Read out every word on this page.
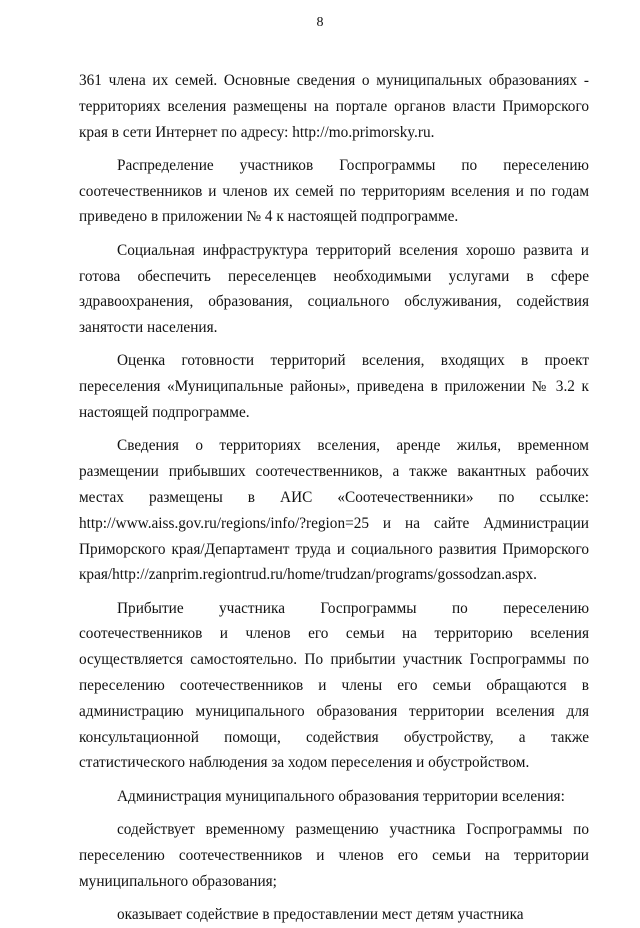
8

361 члена их семей. Основные сведения о муниципальных образованиях - территориях вселения размещены на портале органов власти Приморского края в сети Интернет по адресу: http://mo.primorsky.ru.

Распределение участников Госпрограммы по переселению соотечественников и членов их семей по территориям вселения и по годам приведено в приложении № 4 к настоящей подпрограмме.

Социальная инфраструктура территорий вселения хорошо развита и готова обеспечить переселенцев необходимыми услугами в сфере здравоохранения, образования, социального обслуживания, содействия занятости населения.

Оценка готовности территорий вселения, входящих в проект переселения «Муниципальные районы», приведена в приложении № 3.2 к настоящей подпрограмме.

Сведения о территориях вселения, аренде жилья, временном размещении прибывших соотечественников, а также вакантных рабочих местах размещены в АИС «Соотечественники» по ссылке: http://www.aiss.gov.ru/regions/info/?region=25 и на сайте Администрации Приморского края/Департамент труда и социального развития Приморского края/http://zanprim.regiontrud.ru/home/trudzan/programs/gossodzan.aspx.

Прибытие участника Госпрограммы по переселению соотечественников и членов его семьи на территорию вселения осуществляется самостоятельно. По прибытии участник Госпрограммы по переселению соотечественников и члены его семьи обращаются в администрацию муниципального образования территории вселения для консультационной помощи, содействия обустройству, а также статистического наблюдения за ходом переселения и обустройством.

Администрация муниципального образования территории вселения:

содействует временному размещению участника Госпрограммы по переселению соотечественников и членов его семьи на территории муниципального образования;

оказывает содействие в предоставлении мест детям участника
